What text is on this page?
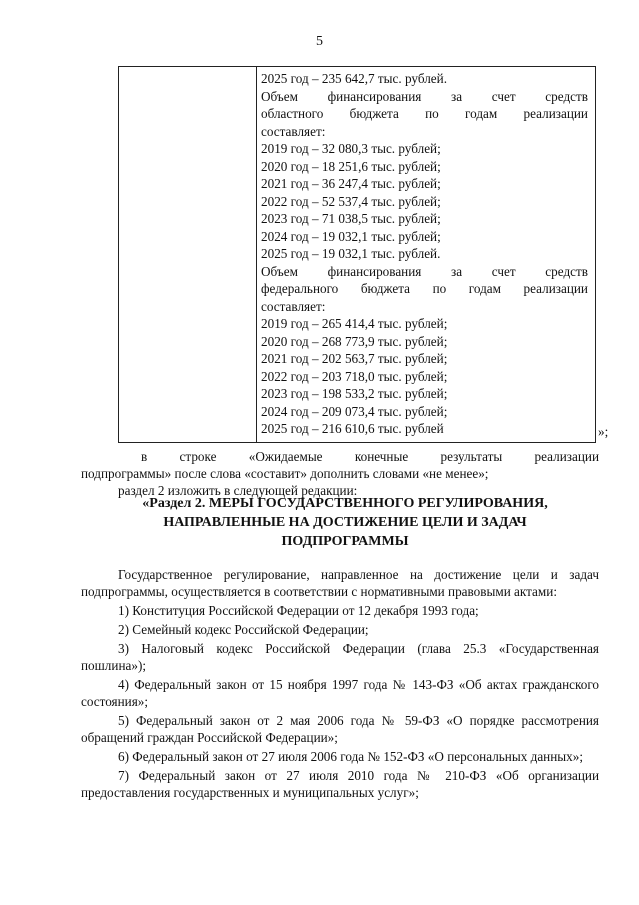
5
2025 год – 235 642,7 тыс. рублей.
Объем финансирования за счет средств
областного бюджета по годам реализации
составляет:
2019 год – 32 080,3 тыс. рублей;
2020 год – 18 251,6 тыс. рублей;
2021 год – 36 247,4 тыс. рублей;
2022 год – 52 537,4 тыс. рублей;
2023 год – 71 038,5 тыс. рублей;
2024 год – 19 032,1 тыс. рублей;
2025 год – 19 032,1 тыс. рублей.
Объем финансирования за счет средств
федерального бюджета по годам реализации
составляет:
2019 год – 265 414,4 тыс. рублей;
2020 год – 268 773,9 тыс. рублей;
2021 год – 202 563,7 тыс. рублей;
2022 год – 203 718,0 тыс. рублей;
2023 год – 198 533,2 тыс. рублей;
2024 год – 209 073,4 тыс. рублей;
2025 год – 216 610,6 тыс. рублей	»;
в строке «Ожидаемые конечные результаты реализации
подпрограммы» после слова «составит» дополнить словами «не менее»;
раздел 2 изложить в следующей редакции:
«Раздел 2. МЕРЫ ГОСУДАРСТВЕННОГО РЕГУЛИРОВАНИЯ,
НАПРАВЛЕННЫЕ НА ДОСТИЖЕНИЕ ЦЕЛИ И ЗАДАЧ
ПОДПРОГРАММЫ
Государственное регулирование, направленное на достижение цели и задач подпрограммы, осуществляется в соответствии с нормативными правовыми актами:
1) Конституция Российской Федерации от 12 декабря 1993 года;
2) Семейный кодекс Российской Федерации;
3) Налоговый кодекс Российской Федерации (глава 25.3 «Государственная пошлина»);
4) Федеральный закон от 15 ноября 1997 года № 143-ФЗ «Об актах гражданского состояния»;
5) Федеральный закон от 2 мая 2006 года № 59-ФЗ «О порядке рассмотрения обращений граждан Российской Федерации»;
6) Федеральный закон от 27 июля 2006 года № 152-ФЗ «О персональных данных»;
7) Федеральный закон от 27 июля 2010 года № 210-ФЗ «Об организации предоставления государственных и муниципальных услуг»;
